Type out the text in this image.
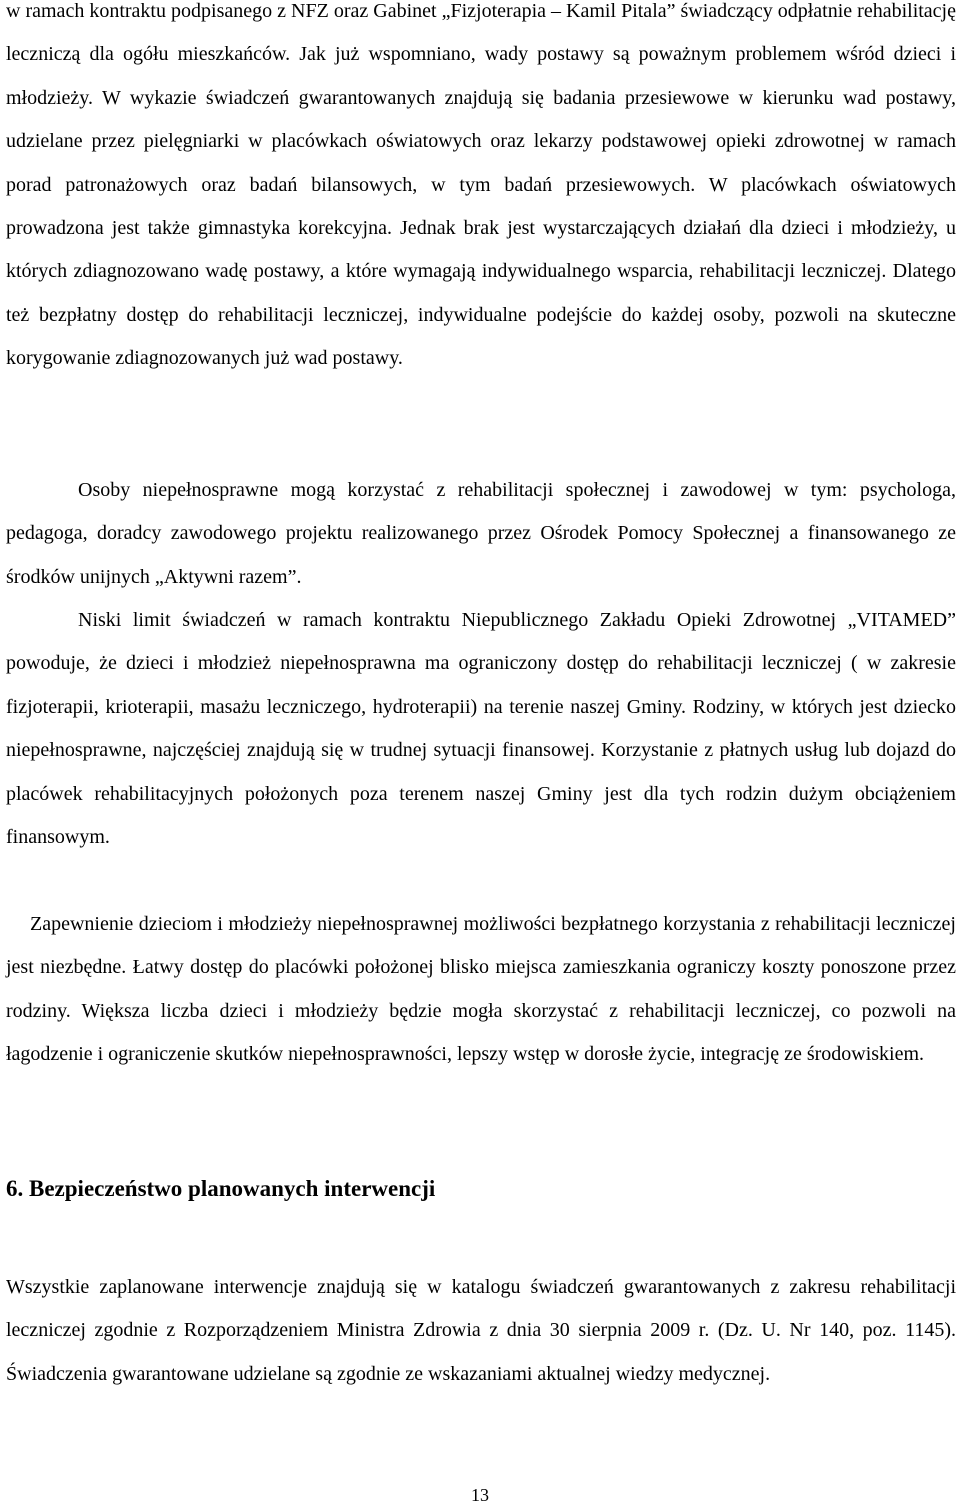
w ramach kontraktu podpisanego z NFZ oraz Gabinet „Fizjoterapia – Kamil Pitala” świadczący odpłatnie rehabilitację leczniczą dla ogółu mieszkańców. Jak już wspomniano, wady postawy są poważnym problemem wśród dzieci i młodzieży. W wykazie świadczeń gwarantowanych znajdują się badania przesiewowe w kierunku wad postawy, udzielane przez pielęgniarki w placówkach oświatowych oraz lekarzy podstawowej opieki zdrowotnej w ramach porad patronażowych oraz badań bilansowych, w tym badań przesiewowych. W placówkach oświatowych prowadzona jest także gimnastyka korekcyjna. Jednak brak jest wystarczających działań dla dzieci i młodzieży, u których zdiagnozowano wadę postawy, a które wymagają indywidualnego wsparcia, rehabilitacji leczniczej. Dlatego też bezpłatny dostęp do rehabilitacji leczniczej, indywidualne podejście do każdej osoby, pozwoli na skuteczne korygowanie zdiagnozowanych już wad postawy.

Osoby niepełnosprawne mogą korzystać z rehabilitacji społecznej i zawodowej w tym: psychologa, pedagoga, doradcy zawodowego projektu realizowanego przez Ośrodek Pomocy Społecznej a finansowanego ze środków unijnych „Aktywni razem”.

Niski limit świadczeń w ramach kontraktu Niepublicznego Zakładu Opieki Zdrowotnej „VITAMED” powoduje, że dzieci i młodzież niepełnosprawna ma ograniczony dostęp do rehabilitacji leczniczej ( w zakresie fizjoterapii, krioterapii, masażu leczniczego, hydroterapii) na terenie naszej Gminy. Rodziny, w których jest dziecko niepełnosprawne, najczęściej znajdują się w trudnej sytuacji finansowej. Korzystanie z płatnych usług lub dojazd do placówek rehabilitacyjnych położonych poza terenem naszej Gminy jest dla tych rodzin dużym obciążeniem finansowym.

Zapewnienie dzieciom i młodzieży niepełnosprawnej możliwości bezpłatnego korzystania z rehabilitacji leczniczej jest niezbędne. Łatwy dostęp do placówki położonej blisko miejsca zamieszkania ograniczy koszty ponoszone przez rodziny. Większa liczba dzieci i młodzieży będzie mogła skorzystać z rehabilitacji leczniczej, co pozwoli na łagodzenie i ograniczenie skutków niepełnosprawności, lepszy wstęp w dorosłe życie, integrację ze środowiskiem.

6. Bezpieczeństwo planowanych interwencji

Wszystkie zaplanowane interwencje znajdują się w katalogu świadczeń gwarantowanych z zakresu rehabilitacji leczniczej zgodnie z Rozporządzeniem Ministra Zdrowia z dnia 30 sierpnia 2009 r. (Dz. U. Nr 140, poz. 1145). Świadczenia gwarantowane udzielane są zgodnie ze wskazaniami aktualnej wiedzy medycznej.

13
